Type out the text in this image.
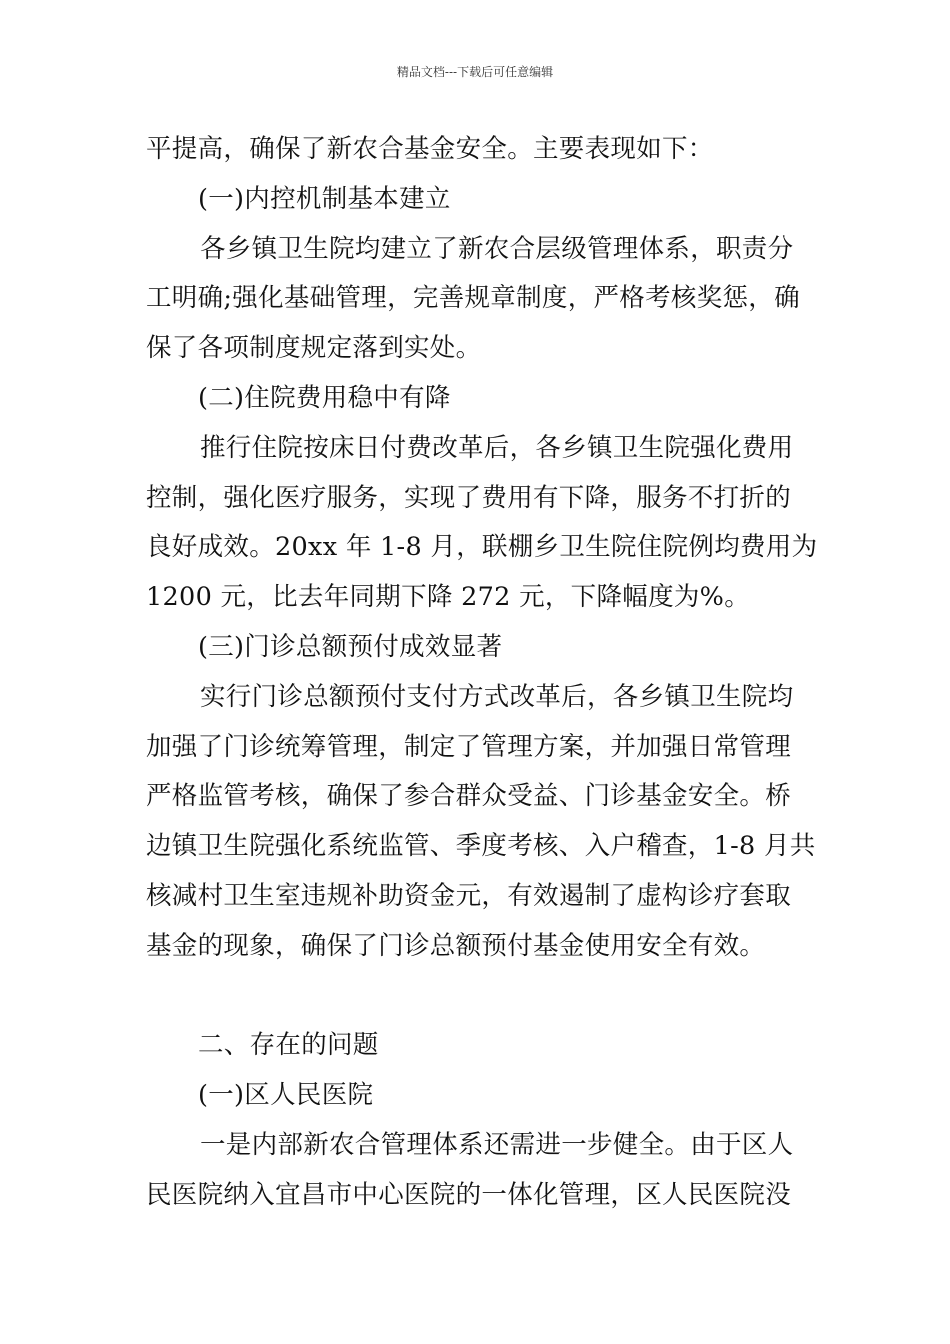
精品文档---下载后可任意编辑
平提高，确保了新农合基金安全。主要表现如下：
(一)内控机制基本建立
各乡镇卫生院均建立了新农合层级管理体系，职责分
工明确;强化基础管理，完善规章制度，严格考核奖惩，确
保了各项制度规定落到实处。
(二)住院费用稳中有降
推行住院按床日付费改革后，各乡镇卫生院强化费用
控制，强化医疗服务，实现了费用有下降，服务不打折的
良好成效。20xx 年 1-8 月，联棚乡卫生院住院例均费用为
1200 元，比去年同期下降 272 元，下降幅度为%。
(三)门诊总额预付成效显著
实行门诊总额预付支付方式改革后，各乡镇卫生院均
加强了门诊统筹管理，制定了管理方案，并加强日常管理
严格监管考核，确保了参合群众受益、门诊基金安全。桥
边镇卫生院强化系统监管、季度考核、入户稽查，1-8 月共
核减村卫生室违规补助资金元，有效遏制了虚构诊疗套取
基金的现象，确保了门诊总额预付基金使用安全有效。
二、存在的问题
(一)区人民医院
一是内部新农合管理体系还需进一步健全。由于区人
民医院纳入宜昌市中心医院的一体化管理，区人民医院没
